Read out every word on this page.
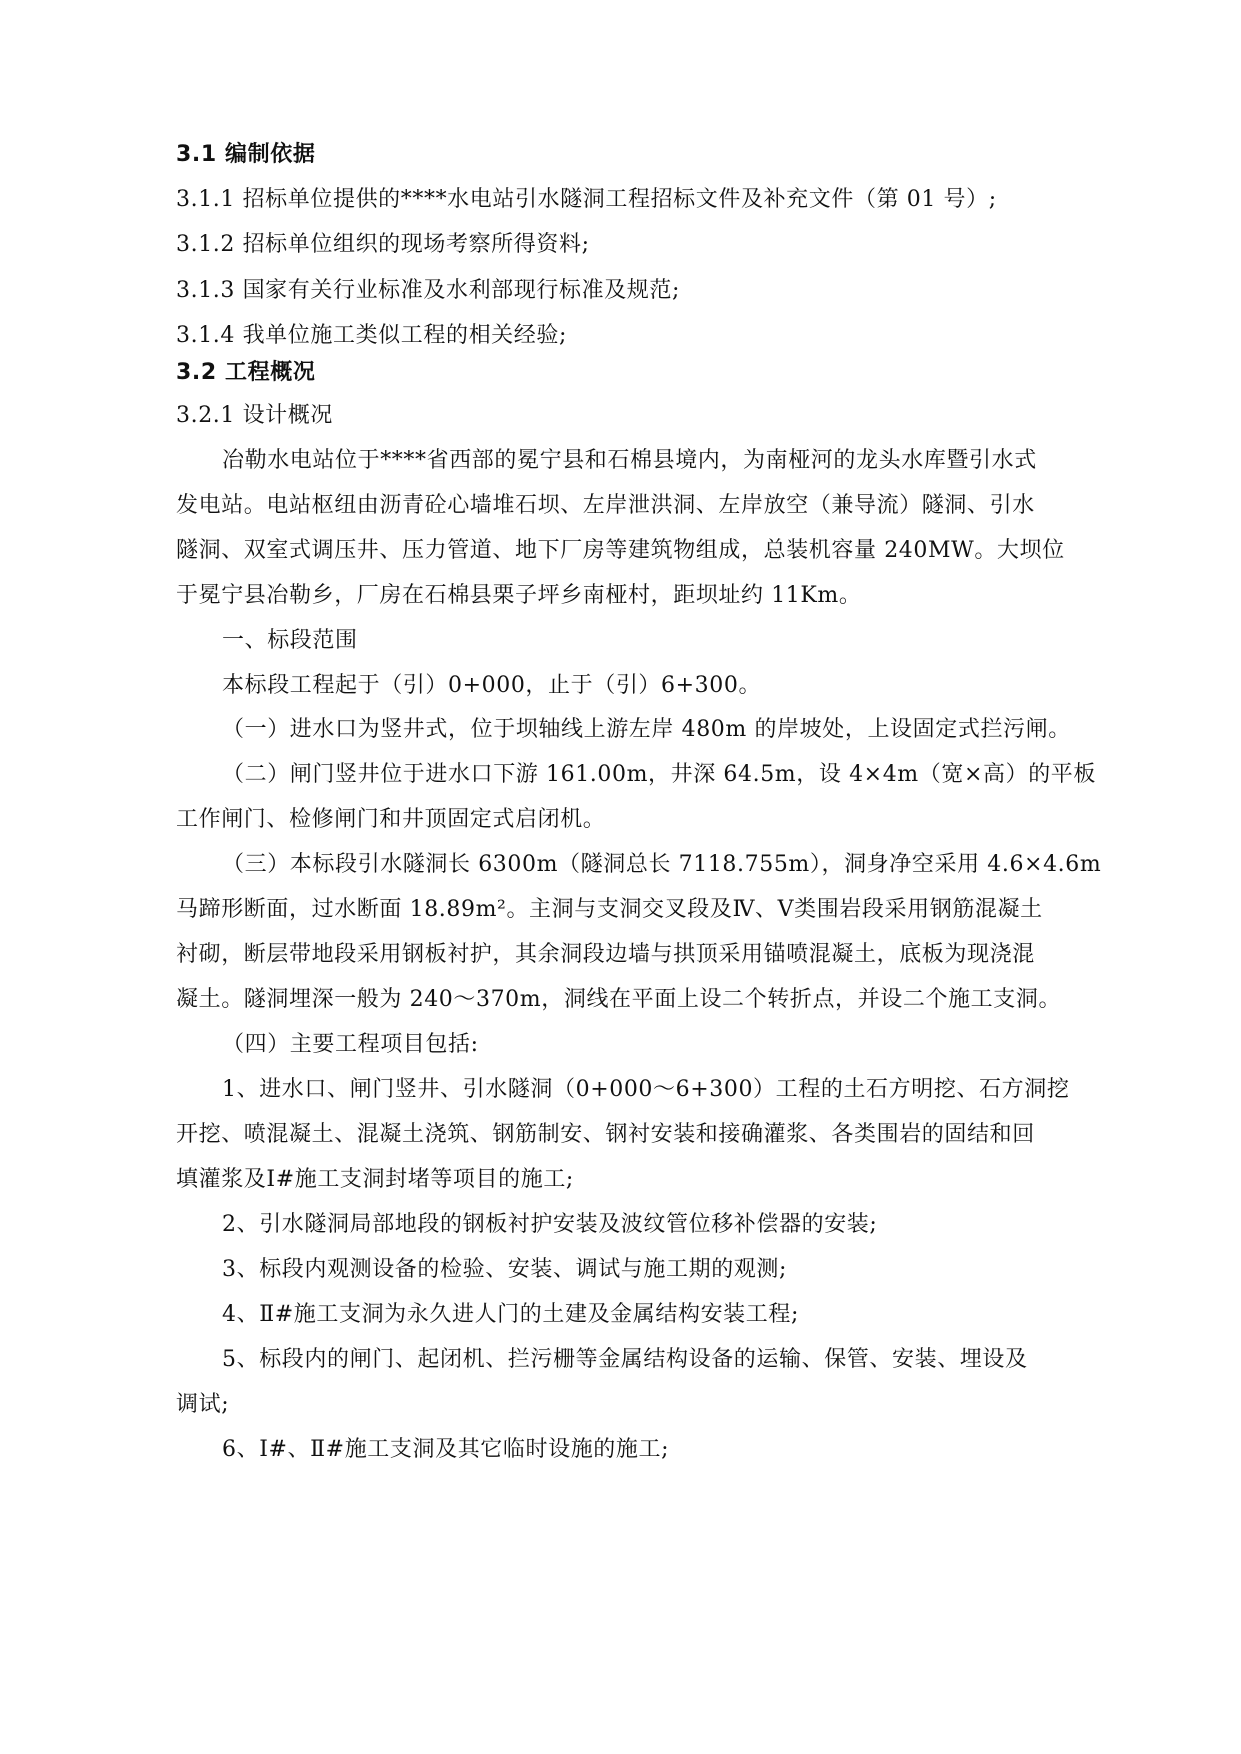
3.1 编制依据
3.1.1 招标单位提供的****水电站引水隧洞工程招标文件及补充文件（第 01 号）;
3.1.2 招标单位组织的现场考察所得资料;
3.1.3 国家有关行业标准及水利部现行标准及规范;
3.1.4 我单位施工类似工程的相关经验;
3.2 工程概况
3.2.1 设计概况
冶勒水电站位于****省西部的冕宁县和石棉县境内，为南桠河的龙头水库暨引水式
发电站。电站枢纽由沥青砼心墙堆石坝、左岸泄洪洞、左岸放空（兼导流）隧洞、引水
隧洞、双室式调压井、压力管道、地下厂房等建筑物组成，总装机容量 240MW。大坝位
于冕宁县冶勒乡，厂房在石棉县栗子坪乡南桠村，距坝址约 11Km。
一、标段范围
本标段工程起于（引）0+000，止于（引）6+300。
（一）进水口为竖井式，位于坝轴线上游左岸 480m 的岸坡处，上设固定式拦污闸。
（二）闸门竖井位于进水口下游 161.00m，井深 64.5m，设 4×4m（宽×高）的平板
工作闸门、检修闸门和井顶固定式启闭机。
（三）本标段引水隧洞长 6300m（隧洞总长 7118.755m），洞身净空采用 4.6×4.6m
马蹄形断面，过水断面 18.89m²。主洞与支洞交叉段及Ⅳ、Ⅴ类围岩段采用钢筋混凝土
衬砌，断层带地段采用钢板衬护，其余洞段边墙与拱顶采用锚喷混凝土，底板为现浇混
凝土。隧洞埋深一般为 240～370m，洞线在平面上设二个转折点，并设二个施工支洞。
（四）主要工程项目包括:
1、进水口、闸门竖井、引水隧洞（0+000～6+300）工程的土石方明挖、石方洞挖
开挖、喷混凝土、混凝土浇筑、钢筋制安、钢衬安装和接确灌浆、各类围岩的固结和回
填灌浆及Ⅰ#施工支洞封堵等项目的施工;
2、引水隧洞局部地段的钢板衬护安装及波纹管位移补偿器的安装;
3、标段内观测设备的检验、安装、调试与施工期的观测;
4、Ⅱ#施工支洞为永久进人门的土建及金属结构安装工程;
5、标段内的闸门、起闭机、拦污栅等金属结构设备的运输、保管、安装、埋设及
调试;
6、Ⅰ#、Ⅱ#施工支洞及其它临时设施的施工;
